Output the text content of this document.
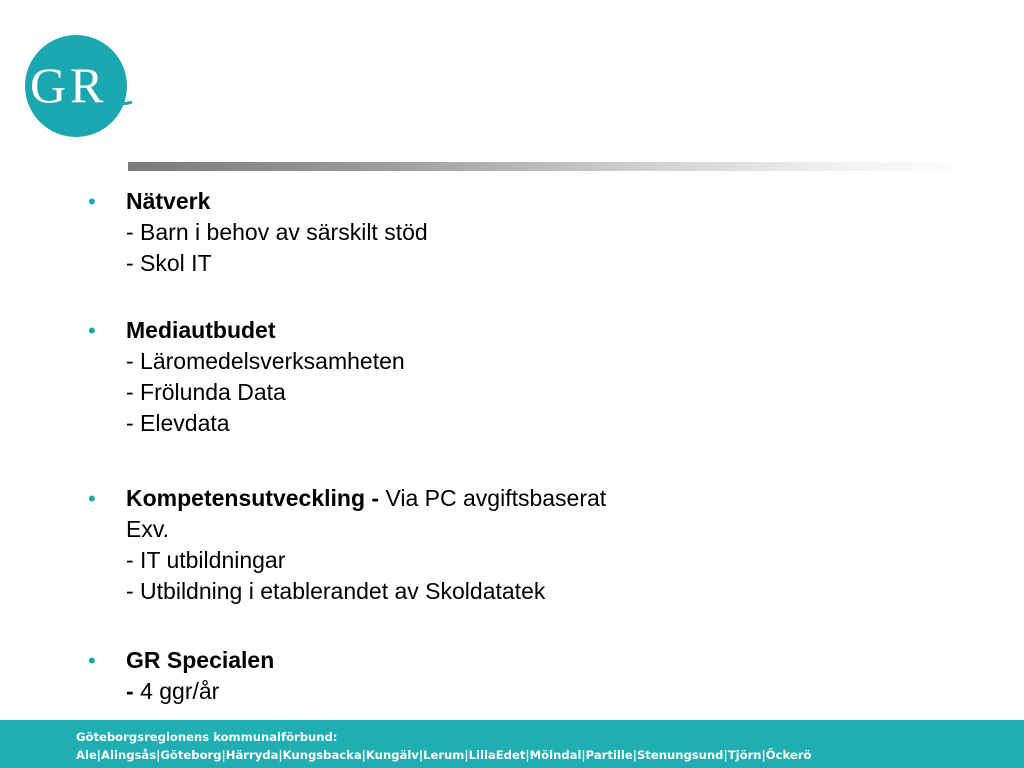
G R
• Nätverk
- Barn i behov av särskilt stöd
- Skol IT
• Mediautbudet
- Läromedelsverksamheten
- Frölunda Data
- Elevdata
• Kompetensutveckling - Via PC avgiftsbaserat
Exv.
- IT utbildningar
- Utbildning i etablerandet av Skoldatatek
• GR Specialen
- 4 ggr/år
Göteborgsregionens kommunalförbund:
Ale|Alingsås|Göteborg|Härryda|Kungsbacka|Kungälv|Lerum|LillaEdet|Mölndal|Partille|Stenungsund|Tjörn|Öckerö
